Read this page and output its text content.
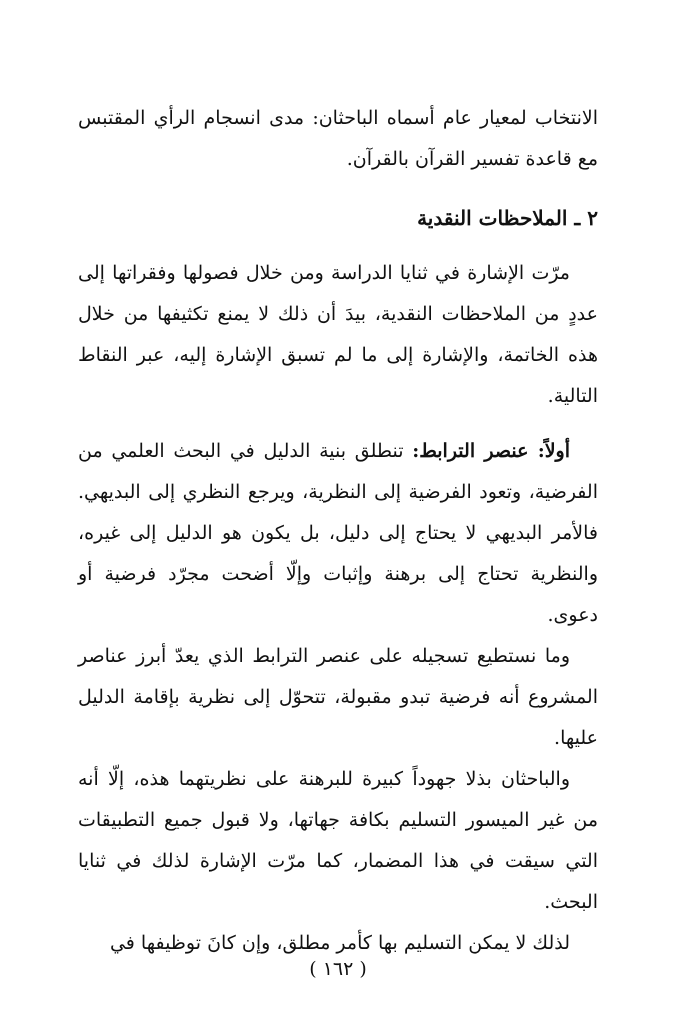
الانتخاب لمعيار عام أسماه الباحثان: مدى انسجام الرأي المقتبس مع قاعدة تفسير القرآن بالقرآن.

٢ ـ الملاحظات النقدية

مرّت الإشارة في ثنايا الدراسة ومن خلال فصولها وفقراتها إلى عددٍ من الملاحظات النقدية، بيدَ أن ذلك لا يمنع تكثيفها من خلال هذه الخاتمة، والإشارة إلى ما لم تسبق الإشارة إليه، عبر النقاط التالية.

أولاً: عنصر الترابط: تنطلق بنية الدليل في البحث العلمي من الفرضية، وتعود الفرضية إلى النظرية، ويرجع النظري إلى البديهي. فالأمر البديهي لا يحتاج إلى دليل، بل يكون هو الدليل إلى غيره، والنظرية تحتاج إلى برهنة وإثبات وإلّا أضحت مجرّد فرضية أو دعوى.

وما نستطيع تسجيله على عنصر الترابط الذي يعدّ أبرز عناصر المشروع أنه فرضية تبدو مقبولة، تتحوّل إلى نظرية بإقامة الدليل عليها.

والباحثان بذلا جهوداً كبيرة للبرهنة على نظريتهما هذه، إلّا أنه من غير الميسور التسليم بكافة جهاتها، ولا قبول جميع التطبيقات التي سيقت في هذا المضمار، كما مرّت الإشارة لذلك في ثنايا البحث.

لذلك لا يمكن التسليم بها كأمر مطلق، وإن كانَ توظيفها في

( ١٦٢ )
